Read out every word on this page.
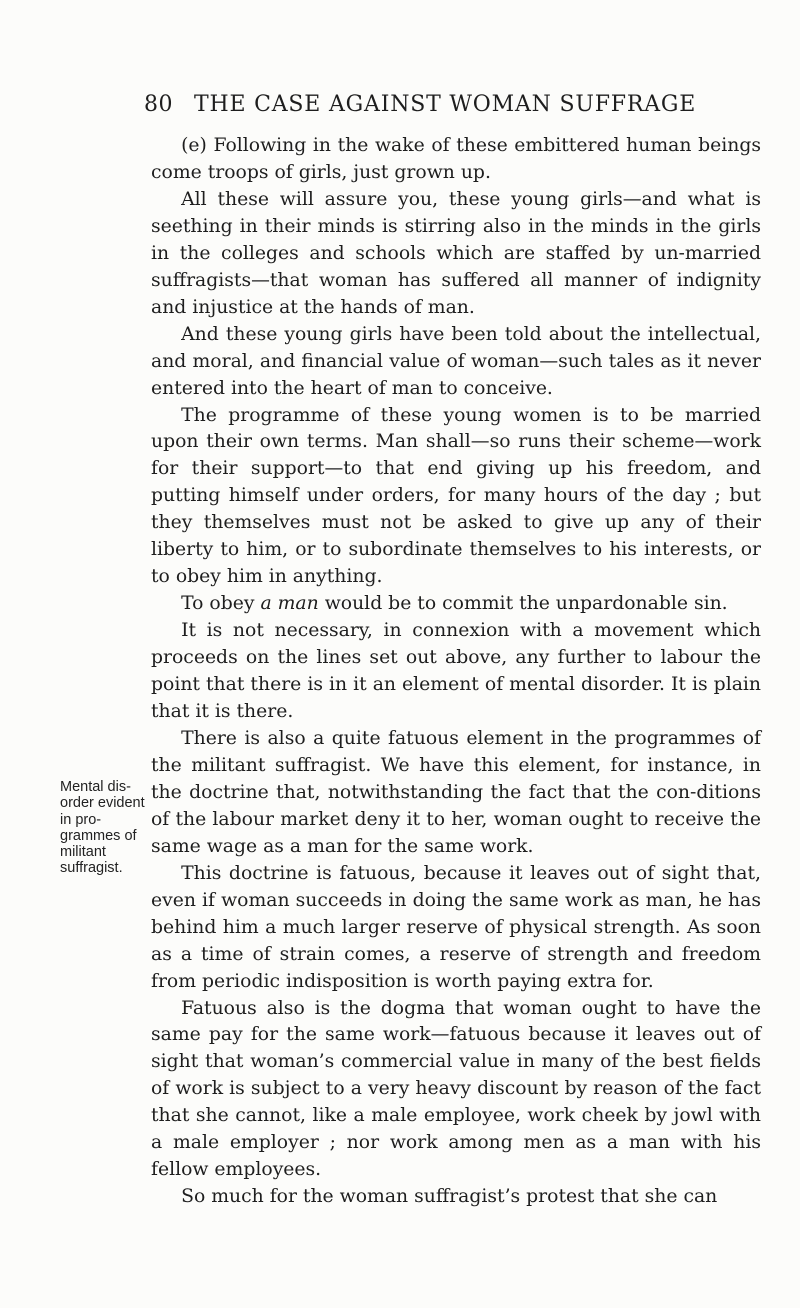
80 THE CASE AGAINST WOMAN SUFFRAGE
Mental dis-
order evident
in pro-
grammes of
militant
suffragist.

(e) Following in the wake of these embittered human beings come troops of girls, just grown up.

All these will assure you, these young girls—and what is seething in their minds is stirring also in the minds in the girls in the colleges and schools which are staffed by un-married suffragists—that woman has suffered all manner of indignity and injustice at the hands of man.

And these young girls have been told about the intellectual, and moral, and financial value of woman—such tales as it never entered into the heart of man to conceive.

The programme of these young women is to be married upon their own terms. Man shall—so runs their scheme—work for their support—to that end giving up his freedom, and putting himself under orders, for many hours of the day ; but they themselves must not be asked to give up any of their liberty to him, or to subordinate themselves to his interests, or to obey him in anything.

To obey a man would be to commit the unpardonable sin.

It is not necessary, in connexion with a movement which proceeds on the lines set out above, any further to labour the point that there is in it an element of mental disorder. It is plain that it is there.

There is also a quite fatuous element in the programmes of the militant suffragist. We have this element, for instance, in the doctrine that, notwithstanding the fact that the con-ditions of the labour market deny it to her, woman ought to receive the same wage as a man for the same work.

This doctrine is fatuous, because it leaves out of sight that, even if woman succeeds in doing the same work as man, he has behind him a much larger reserve of physical strength. As soon as a time of strain comes, a reserve of strength and freedom from periodic indisposition is worth paying extra for.

Fatuous also is the dogma that woman ought to have the same pay for the same work—fatuous because it leaves out of sight that woman’s commercial value in many of the best fields of work is subject to a very heavy discount by reason of the fact that she cannot, like a male employee, work cheek by jowl with a male employer ; nor work among men as a man with his fellow employees.

So much for the woman suffragist’s protest that she can
